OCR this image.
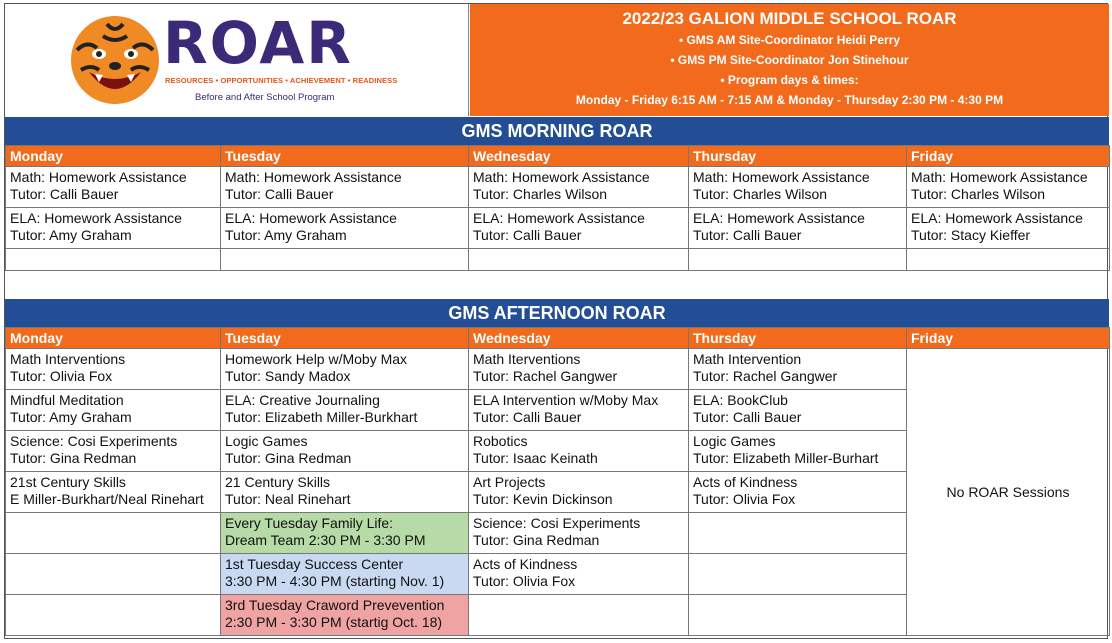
ROAR
RESOURCES • OPPORTUNITIES • ACHIEVEMENT • READINESS
Before and After School Program
2022/23 GALION MIDDLE SCHOOL ROAR
• GMS AM Site-Coordinator Heidi Perry
• GMS PM Site-Coordinator Jon Stinehour
• Program days & times:
Monday - Friday 6:15 AM - 7:15 AM & Monday - Thursday 2:30 PM - 4:30 PM
GMS MORNING ROAR
Monday	Tuesday	Wednesday	Thursday	Friday

Math: Homework Assistance
Tutor: Calli Bauer	Math: Homework Assistance
Tutor: Calli Bauer	Math: Homework Assistance
Tutor: Charles Wilson	Math: Homework Assistance
Tutor: Charles Wilson	Math: Homework Assistance
Tutor: Charles Wilson

ELA: Homework Assistance
Tutor: Amy Graham	ELA: Homework Assistance
Tutor: Amy Graham	ELA: Homework Assistance
Tutor: Calli Bauer	ELA: Homework Assistance
Tutor: Calli Bauer	ELA: Homework Assistance
Tutor: Stacy Kieffer

GMS AFTERNOON ROAR
Monday	Tuesday	Wednesday	Thursday	Friday

Math Interventions
Tutor: Olivia Fox	Homework Help w/Moby Max
Tutor: Sandy Madox	Math Iterventions
Tutor: Rachel Gangwer	Math Intervention
Tutor: Rachel Gangwer	No ROAR Sessions

Mindful Meditation
Tutor: Amy Graham	ELA: Creative Journaling
Tutor: Elizabeth Miller-Burkhart	ELA Intervention w/Moby Max
Tutor: Calli Bauer	ELA: BookClub
Tutor: Calli Bauer	

Science: Cosi Experiments
Tutor: Gina Redman	Logic Games
Tutor: Gina Redman	Robotics
Tutor: Isaac Keinath	Logic Games
Tutor: Elizabeth Miller-Burhart	

21st Century Skills
E Miller-Burkhart/Neal Rinehart	21 Century Skills
Tutor: Neal Rinehart	Art Projects
Tutor: Kevin Dickinson	Acts of Kindness
Tutor: Olivia Fox	

	Every Tuesday Family Life:
Dream Team 2:30 PM - 3:30 PM	Science: Cosi Experiments
Tutor: Gina Redman		

	1st Tuesday Success Center
3:30 PM - 4:30 PM (starting Nov. 1)	Acts of Kindness
Tutor: Olivia Fox		

	3rd Tuesday Craword Prevevention
2:30 PM - 3:30 PM (startig Oct. 18)			
